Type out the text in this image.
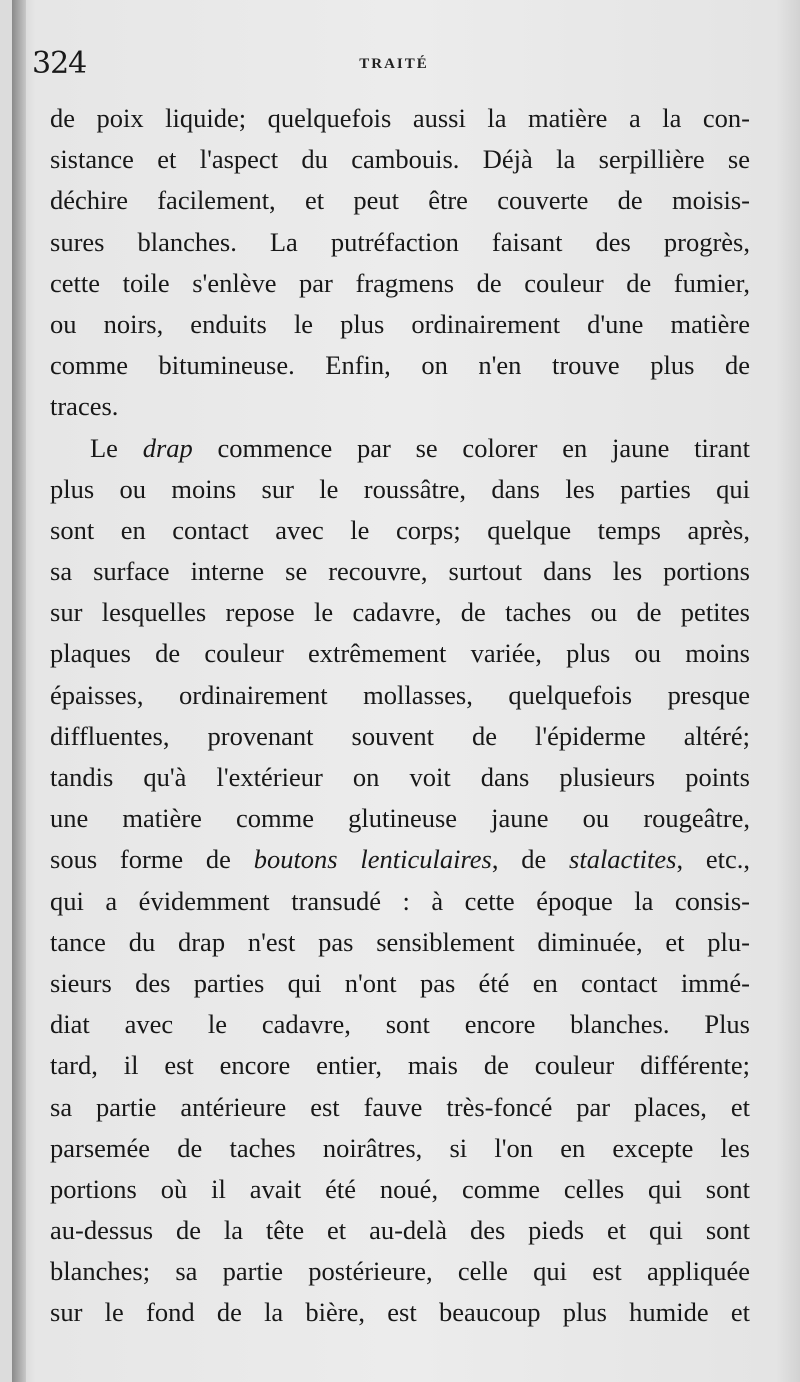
324	TRAITÉ
de poix liquide; quelquefois aussi la matière a la con-
sistance et l'aspect du cambouis. Déjà la serpillière se
déchire facilement, et peut être couverte de moisis-
sures blanches. La putréfaction faisant des progrès,
cette toile s'enlève par fragmens de couleur de fumier,
ou noirs, enduits le plus ordinairement d'une matière
comme bitumineuse. Enfin, on n'en trouve plus de
traces.
Le drap commence par se colorer en jaune tirant
plus ou moins sur le roussâtre, dans les parties qui
sont en contact avec le corps; quelque temps après,
sa surface interne se recouvre, surtout dans les portions
sur lesquelles repose le cadavre, de taches ou de petites
plaques de couleur extrêmement variée, plus ou moins
épaisses, ordinairement mollasses, quelquefois presque
diffluentes, provenant souvent de l'épiderme altéré;
tandis qu'à l'extérieur on voit dans plusieurs points
une matière comme glutineuse jaune ou rougeâtre,
sous forme de boutons lenticulaires, de stalactites, etc.,
qui a évidemment transudé : à cette époque la consis-
tance du drap n'est pas sensiblement diminuée, et plu-
sieurs des parties qui n'ont pas été en contact immé-
diat avec le cadavre, sont encore blanches. Plus
tard, il est encore entier, mais de couleur différente;
sa partie antérieure est fauve très-foncé par places, et
parsemée de taches noirâtres, si l'on en excepte les
portions où il avait été noué, comme celles qui sont
au-dessus de la tête et au-delà des pieds et qui sont
blanches; sa partie postérieure, celle qui est appliquée
sur le fond de la bière, est beaucoup plus humide et
